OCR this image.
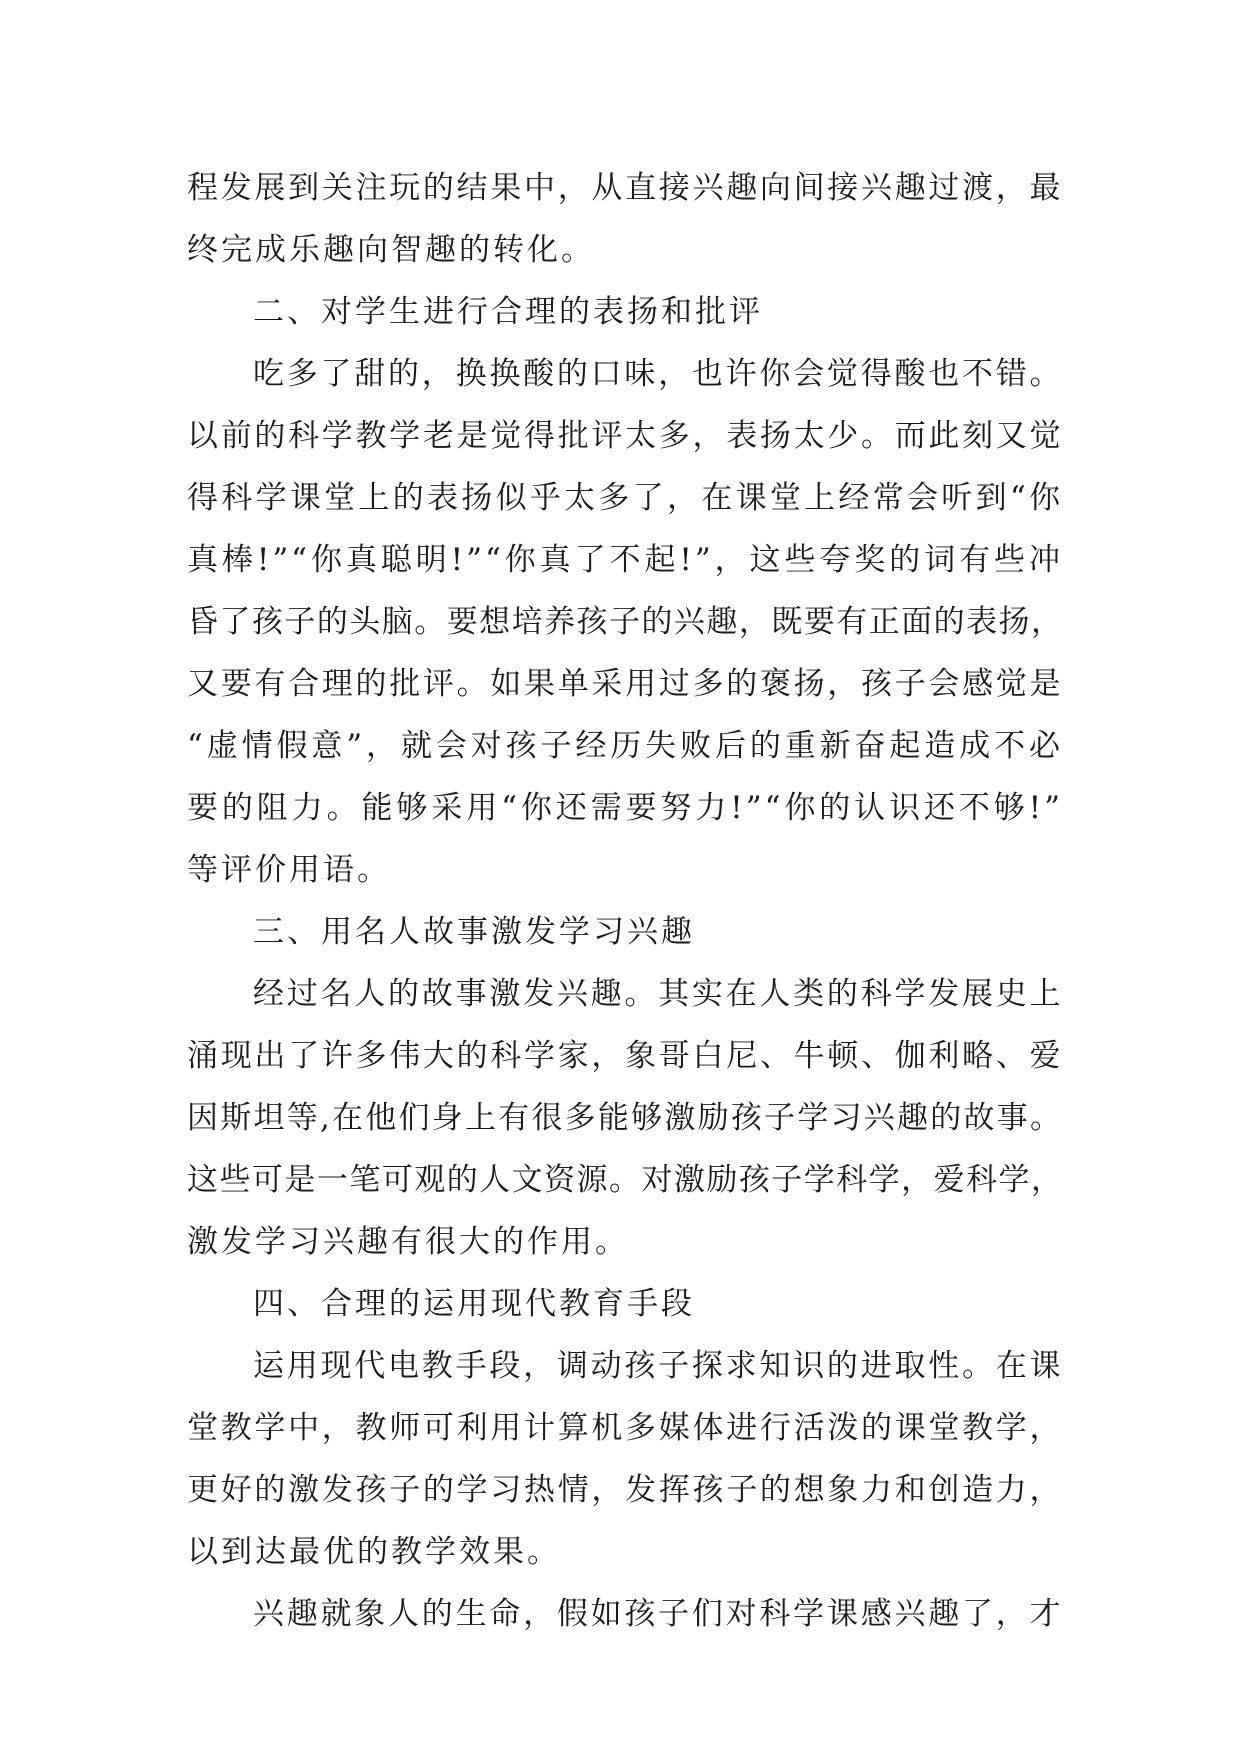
程发展到关注玩的结果中，从直接兴趣向间接兴趣过渡，最
终完成乐趣向智趣的转化。
二、对学生进行合理的表扬和批评
吃多了甜的，换换酸的口味，也许你会觉得酸也不错。
以前的科学教学老是觉得批评太多，表扬太少。而此刻又觉
得科学课堂上的表扬似乎太多了，在课堂上经常会听到“你
真棒!”“你真聪明!”“你真了不起!”，这些夸奖的词有些冲
昏了孩子的头脑。要想培养孩子的兴趣，既要有正面的表扬，
又要有合理的批评。如果单采用过多的褒扬，孩子会感觉是
“虚情假意”，就会对孩子经历失败后的重新奋起造成不必
要的阻力。能够采用“你还需要努力!”“你的认识还不够!”
等评价用语。
三、用名人故事激发学习兴趣
经过名人的故事激发兴趣。其实在人类的科学发展史上
涌现出了许多伟大的科学家，象哥白尼、牛顿、伽利略、爱
因斯坦等,在他们身上有很多能够激励孩子学习兴趣的故事。
这些可是一笔可观的人文资源。对激励孩子学科学，爱科学，
激发学习兴趣有很大的作用。
四、合理的运用现代教育手段
运用现代电教手段，调动孩子探求知识的进取性。在课
堂教学中，教师可利用计算机多媒体进行活泼的课堂教学，
更好的激发孩子的学习热情，发挥孩子的想象力和创造力，
以到达最优的教学效果。
兴趣就象人的生命，假如孩子们对科学课感兴趣了，才
